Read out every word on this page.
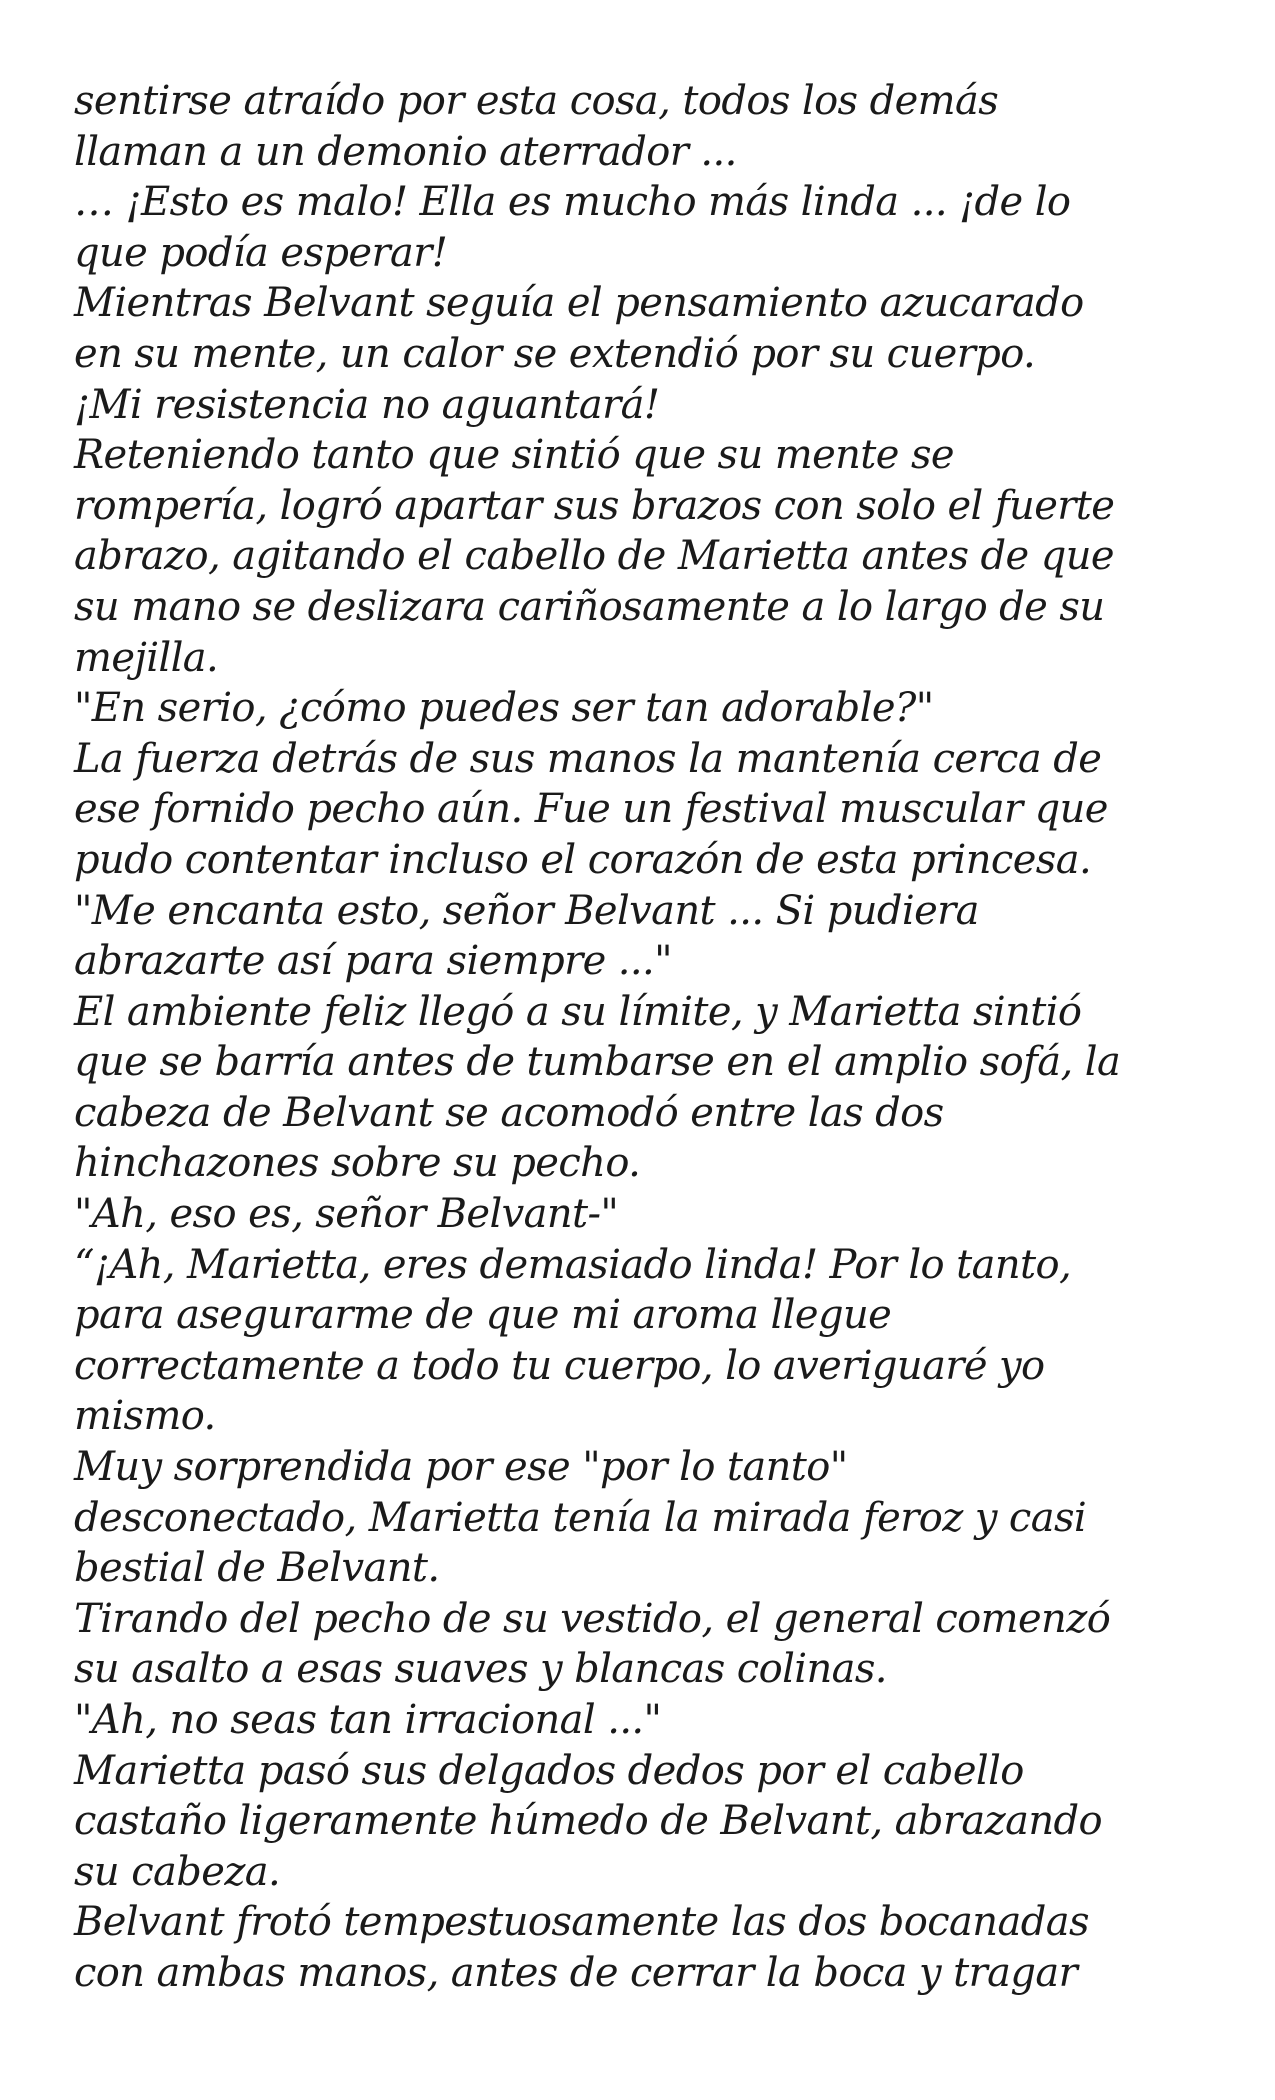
sentirse atraído por esta cosa, todos los demás
llaman a un demonio aterrador ...
… ¡Esto es malo! Ella es mucho más linda ... ¡de lo
que podía esperar!
Mientras Belvant seguía el pensamiento azucarado
en su mente, un calor se extendió por su cuerpo.
¡Mi resistencia no aguantará!
Reteniendo tanto que sintió que su mente se
rompería, logró apartar sus brazos con solo el fuerte
abrazo, agitando el cabello de Marietta antes de que
su mano se deslizara cariñosamente a lo largo de su
mejilla.
"En serio, ¿cómo puedes ser tan adorable?"
La fuerza detrás de sus manos la mantenía cerca de
ese fornido pecho aún. Fue un festival muscular que
pudo contentar incluso el corazón de esta princesa.
"Me encanta esto, señor Belvant ... Si pudiera
abrazarte así para siempre ..."
El ambiente feliz llegó a su límite, y Marietta sintió
que se barría antes de tumbarse en el amplio sofá, la
cabeza de Belvant se acomodó entre las dos
hinchazones sobre su pecho.
"Ah, eso es, señor Belvant-"
“¡Ah, Marietta, eres demasiado linda! Por lo tanto,
para asegurarme de que mi aroma llegue
correctamente a todo tu cuerpo, lo averiguaré yo
mismo.
Muy sorprendida por ese "por lo tanto"
desconectado, Marietta tenía la mirada feroz y casi
bestial de Belvant.
Tirando del pecho de su vestido, el general comenzó
su asalto a esas suaves y blancas colinas.
"Ah, no seas tan irracional ..."
Marietta pasó sus delgados dedos por el cabello
castaño ligeramente húmedo de Belvant, abrazando
su cabeza.
Belvant frotó tempestuosamente las dos bocanadas
con ambas manos, antes de cerrar la boca y tragar
